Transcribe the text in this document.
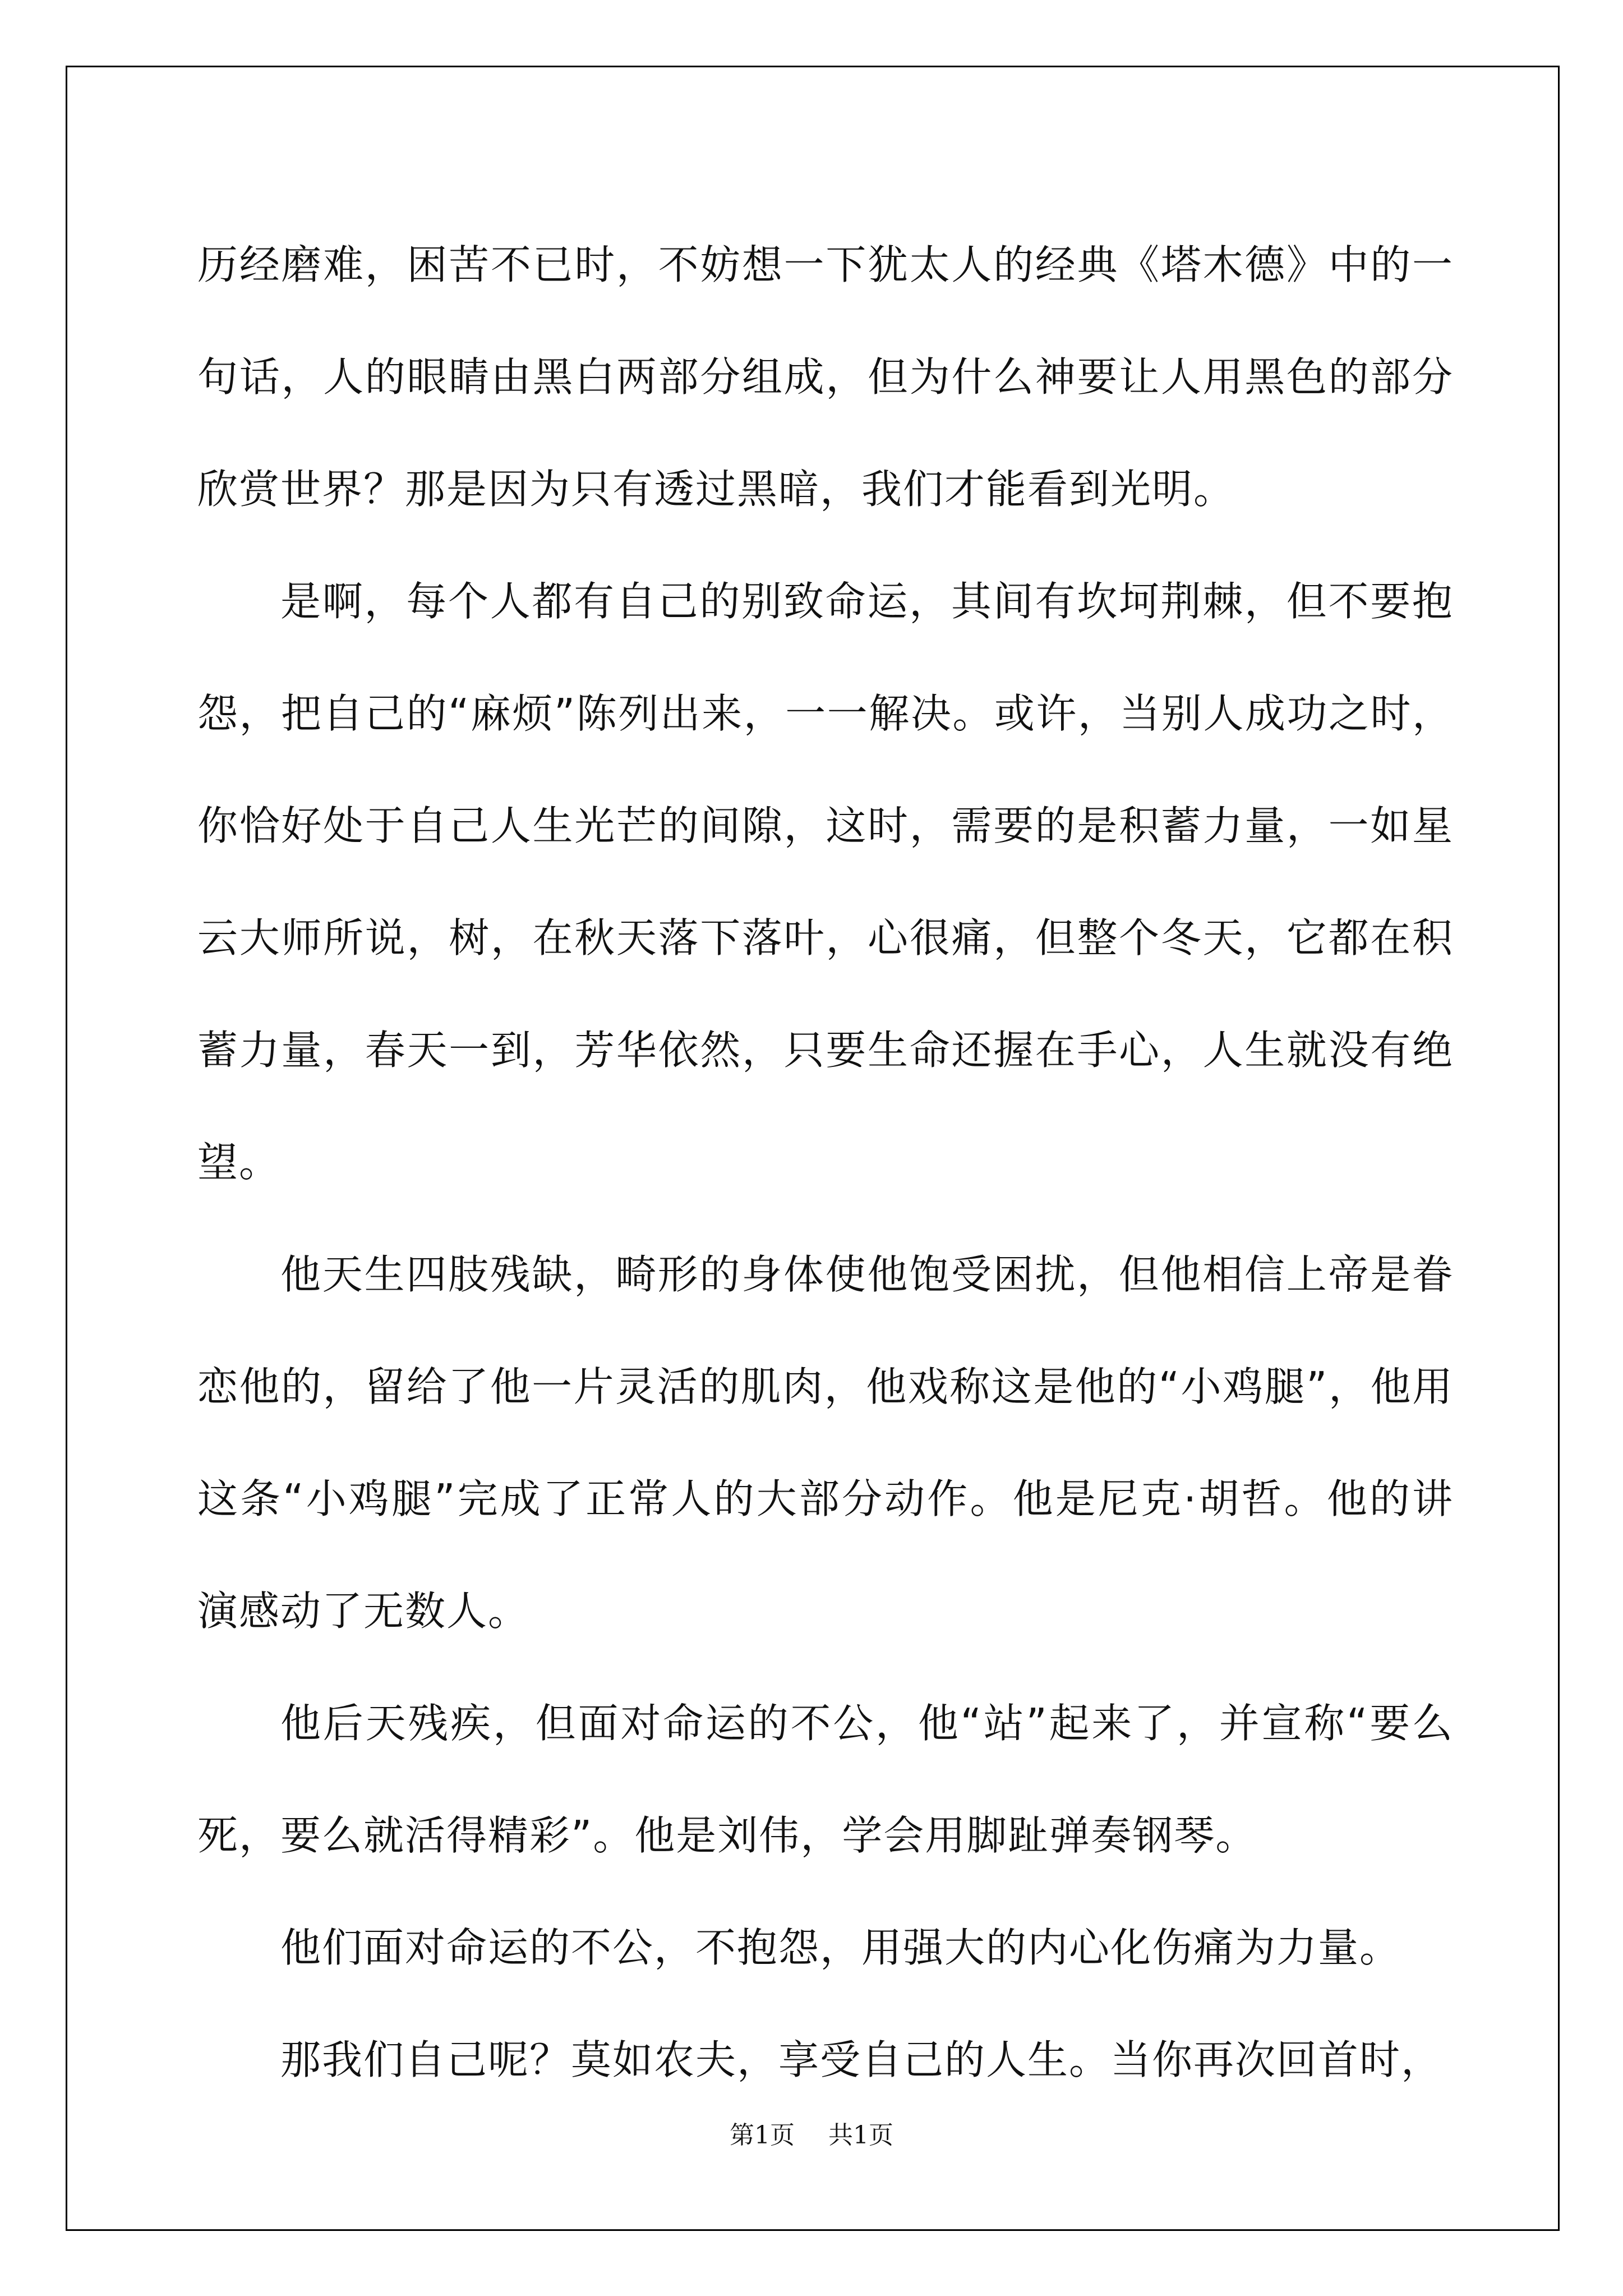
历经磨难，困苦不已时，不妨想一下犹太人的经典《塔木德》中的一句话，人的眼睛由黑白两部分组成，但为什么神要让人用黑色的部分欣赏世界？那是因为只有透过黑暗，我们才能看到光明。

是啊，每个人都有自己的别致命运，其间有坎坷荆棘，但不要抱怨，把自己的“麻烦”陈列出来，一一解决。或许，当别人成功之时，你恰好处于自己人生光芒的间隙，这时，需要的是积蓄力量，一如星云大师所说，树，在秋天落下落叶，心很痛，但整个冬天，它都在积蓄力量，春天一到，芳华依然，只要生命还握在手心，人生就没有绝望。

他天生四肢残缺，畸形的身体使他饱受困扰，但他相信上帝是眷恋他的，留给了他一片灵活的肌肉，他戏称这是他的“小鸡腿”，他用这条“小鸡腿”完成了正常人的大部分动作。他是尼克·胡哲。他的讲演感动了无数人。

他后天残疾，但面对命运的不公，他“站”起来了，并宣称“要么死，要么就活得精彩”。他是刘伟，学会用脚趾弹奏钢琴。

他们面对命运的不公，不抱怨，用强大的内心化伤痛为力量。

那我们自己呢？莫如农夫，享受自己的人生。当你再次回首时，

第1页 共1页
